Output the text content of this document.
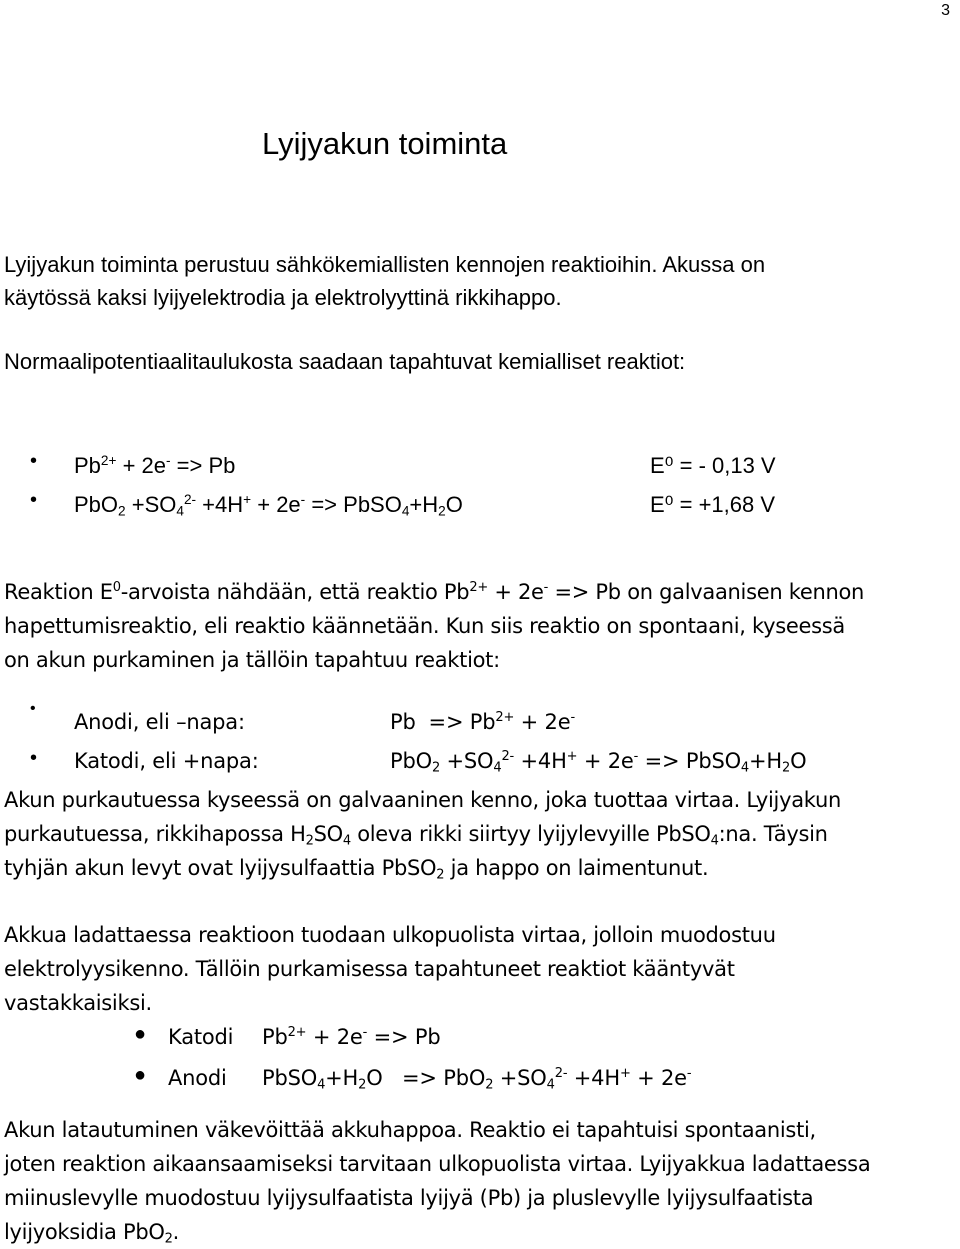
3
Lyijyakun toiminta
Lyijyakun toiminta perustuu sähkökemiallisten kennojen reaktioihin. Akussa on
käytössä kaksi lyijyelektrodia ja elektrolyyttinä rikkihappo.
Normaalipotentiaalitaulukosta saadaan tapahtuvat kemialliset reaktiot:
• $Pb^{2+} + 2e^- => Pb$	E⁰ = - 0,13 V
• $PbO_2 +SO_4^{2-} +4H^+ + 2e^-$ => $PbSO_4+H_2O$	E⁰ = +1,68 V
Reaktion $E^0$-arvoista nähdään, että reaktio $Pb^{2+} + 2e^- => Pb$ on galvaanisen kennon
hapettumisreaktio, eli reaktio käännetään. Kun siis reaktio on spontaani, kyseessä
on akun purkaminen ja tällöin tapahtuu reaktiot:
•
Anodi, eli –napa:	$Pb => Pb^{2+} + 2e^-$
• Katodi, eli +napa:	$PbO_2 +SO_4^{2-} +4H^+ + 2e^-$ => $PbSO_4+H_2O$
Akun purkautuessa kyseessä on galvaaninen kenno, joka tuottaa virtaa. Lyijyakun
purkautuessa, rikkihapossa $H_2SO_4$ oleva rikki siirtyy lyijylevyille PbSO$_4$:na. Täysin
tyhjän akun levyt ovat lyijysulfaattia PbSO$_2$ ja happo on laimentunut.
Akkua ladattaessa reaktioon tuodaan ulkopuolista virtaa, jolloin muodostuu
elektrolyysikenno. Tällöin purkamisessa tapahtuneet reaktiot kääntyvät
vastakkaisiksi.
● Katodi $Pb^{2+} + 2e^- => Pb$
● Anodi $PbSO_4+H_2O => PbO_2 +SO_4^{2-} +4H^+ + 2e^-$
Akun latautuminen väkevöittää akkuhappoa. Reaktio ei tapahtuisi spontaanisti,
joten reaktion aikaansaamiseksi tarvitaan ulkopuolista virtaa. Lyijyakkua ladattaessa
miinuslevylle muodostuu lyijysulfaatista lyijyä (Pb) ja pluslevylle lyijysulfaatista
lyijyoksidia PbO$_2$.
